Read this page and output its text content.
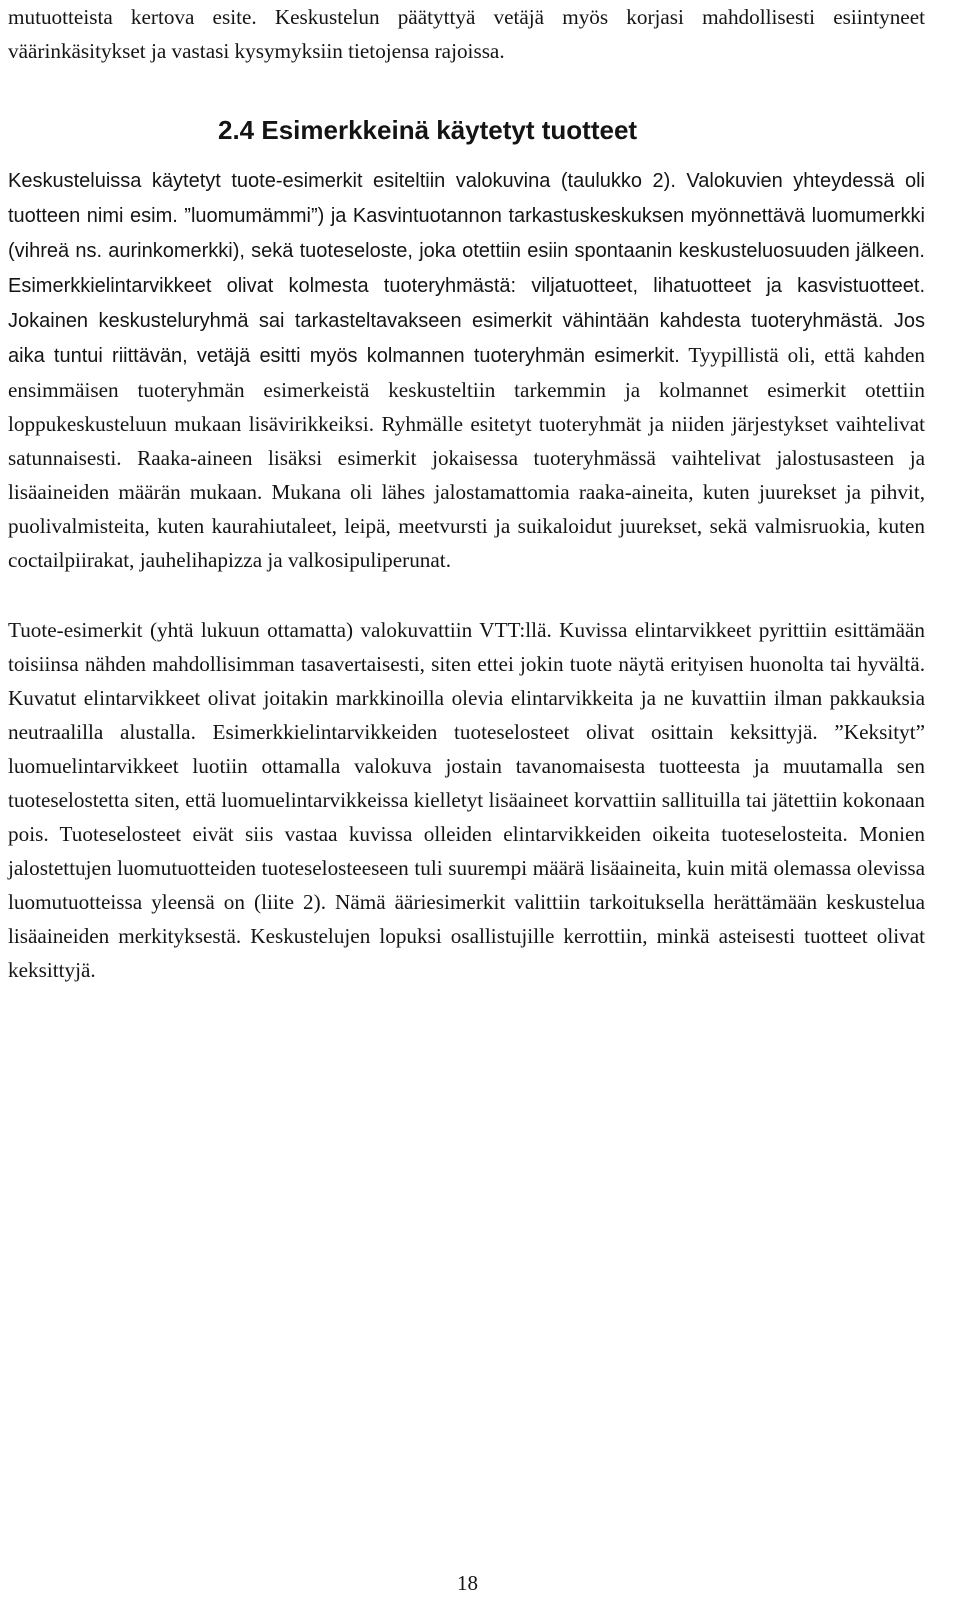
mutuotteista kertova esite. Keskustelun päätyttyä vetäjä myös korjasi mahdollisesti esiintyneet väärinkäsitykset ja vastasi kysymyksiin tietojensa rajoissa.

2.4 Esimerkkeinä käytetyt tuotteet

Keskusteluissa käytetyt tuote-esimerkit esiteltiin valokuvina (taulukko 2). Valokuvien yhteydessä oli tuotteen nimi esim. ”luomumämmi”) ja Kasvintuotannon tarkastuskeskuksen myönnettävä luomumerkki (vihreä ns. aurinkomerkki), sekä tuoteseloste, joka otettiin esiin spontaanin keskusteluosuuden jälkeen. Esimerkkielintarvikkeet olivat kolmesta tuoteryhmästä: viljatuotteet, lihatuotteet ja kasvistuotteet. Jokainen keskusteluryhmä sai tarkasteltavakseen esimerkit vähintään kahdesta tuoteryhmästä. Jos aika tuntui riittävän, vetäjä esitti myös kolmannen tuoteryhmän esimerkit. Tyypillistä oli, että kahden ensimmäisen tuoteryhmän esimerkeistä keskusteltiin tarkemmin ja kolmannet esimerkit otettiin loppukeskusteluun mukaan lisävirikkeiksi. Ryhmälle esitetyt tuoteryhmät ja niiden järjestykset vaihtelivat satunnaisesti. Raaka-aineen lisäksi esimerkit jokaisessa tuoteryhmässä vaihtelivat jalostusasteen ja lisäaineiden määrän mukaan. Mukana oli lähes jalostamattomia raaka-aineita, kuten juurekset ja pihvit, puolivalmisteita, kuten kaurahiutaleet, leipä, meetvursti ja suikaloidut juurekset, sekä valmisruokia, kuten coctailpiirakat, jauhelihapizza ja valkosipuliperunat.

Tuote-esimerkit (yhtä lukuun ottamatta) valokuvattiin VTT:llä. Kuvissa elintarvikkeet pyrittiin esittämään toisiinsa nähden mahdollisimman tasavertaisesti, siten ettei jokin tuote näytä erityisen huonolta tai hyvältä. Kuvatut elintarvikkeet olivat joitakin markkinoilla olevia elintarvikkeita ja ne kuvattiin ilman pakkauksia neutraalilla alustalla. Esimerkkielintarvikkeiden tuoteselosteet olivat osittain keksittyjä. ”Keksityt” luomuelintarvikkeet luotiin ottamalla valokuva jostain tavanomaisesta tuotteesta ja muutamalla sen tuoteselostetta siten, että luomuelintarvikkeissa kielletyt lisäaineet korvattiin sallituilla tai jätettiin kokonaan pois. Tuoteselosteet eivät siis vastaa kuvissa olleiden elintarvikkeiden oikeita tuoteselosteita. Monien jalostettujen luomutuotteiden tuoteselosteeseen tuli suurempi määrä lisäaineita, kuin mitä olemassa olevissa luomutuotteissa yleensä on (liite 2). Nämä ääriesimerkit valittiin tarkoituksella herättämään keskustelua lisäaineiden merkityksestä. Keskustelujen lopuksi osallistujille kerrottiin, minkä asteisesti tuotteet olivat keksittyjä.

18
